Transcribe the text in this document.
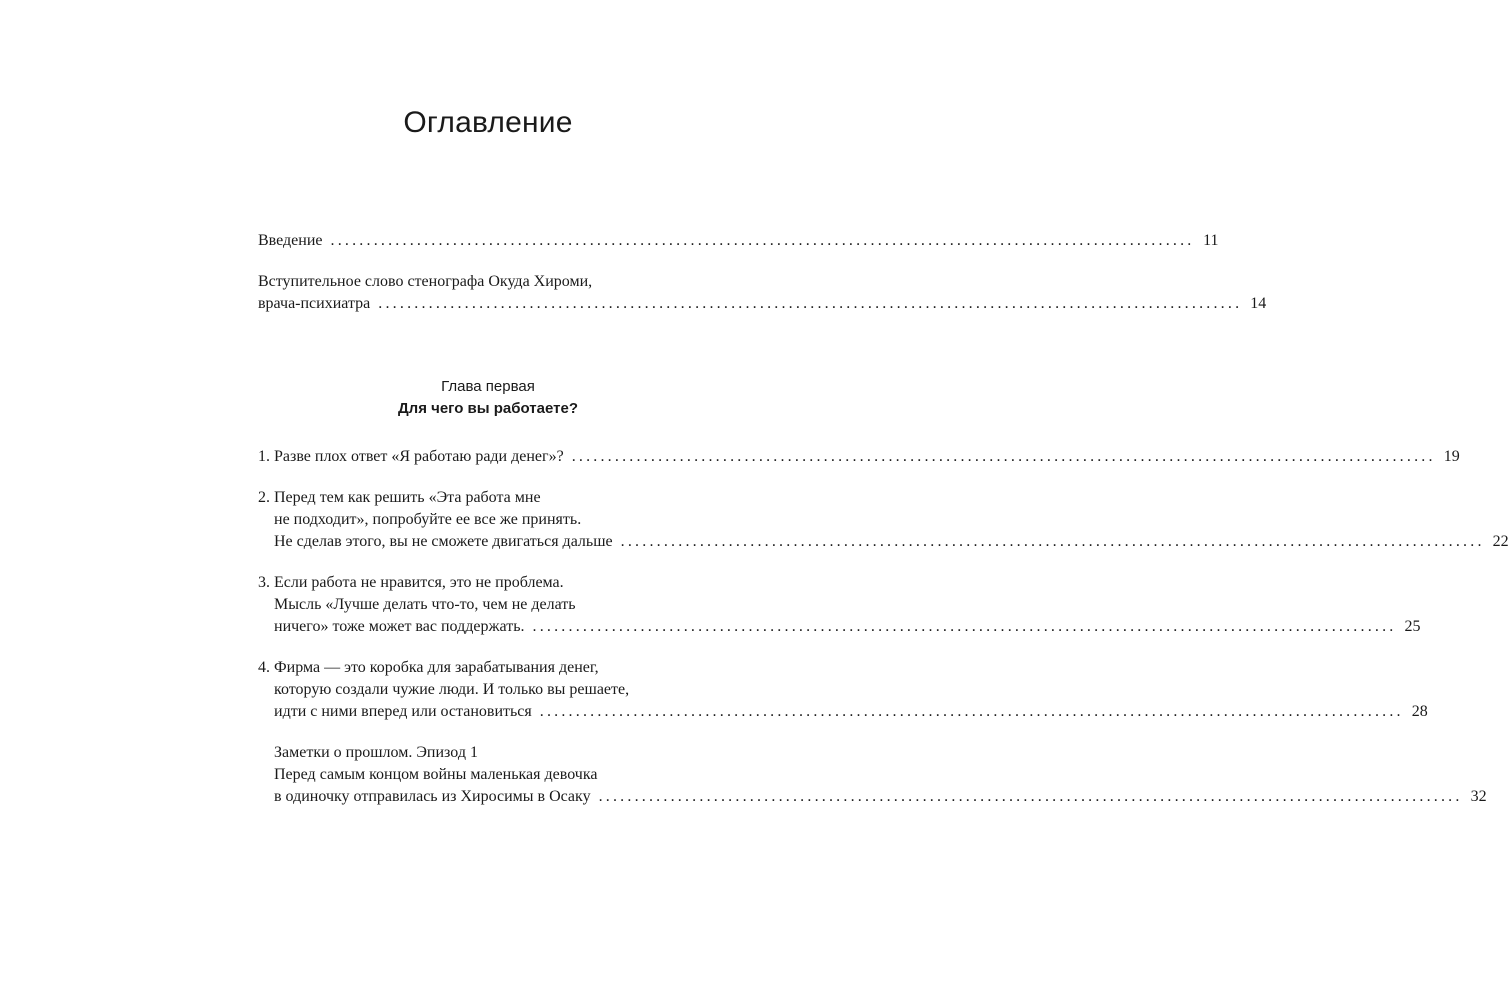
Оглавление
Введение ........................................................................................................................ 11
Вступительное слово стенографа Окуда Хироми,
врача-психиатра ........................................................................................................................ 14
Глава первая
Для чего вы работаете?
1. Разве плох ответ «Я работаю ради денег»? ........................................................................................................................ 19
2. Перед тем как решить «Эта работа мне
не подходит», попробуйте ее все же принять.
Не сделав этого, вы не сможете двигаться дальше ........................................................................................................................ 22
3. Если работа не нравится, это не проблема.
Мысль «Лучше делать что-то, чем не делать
ничего» тоже может вас поддержать. ........................................................................................................................ 25
4. Фирма — это коробка для зарабатывания денег,
которую создали чужие люди. И только вы решаете,
идти с ними вперед или остановиться ........................................................................................................................ 28
Заметки о прошлом. Эпизод 1
Перед самым концом войны маленькая девочка
в одиночку отправилась из Хиросимы в Осаку ........................................................................................................................ 32
